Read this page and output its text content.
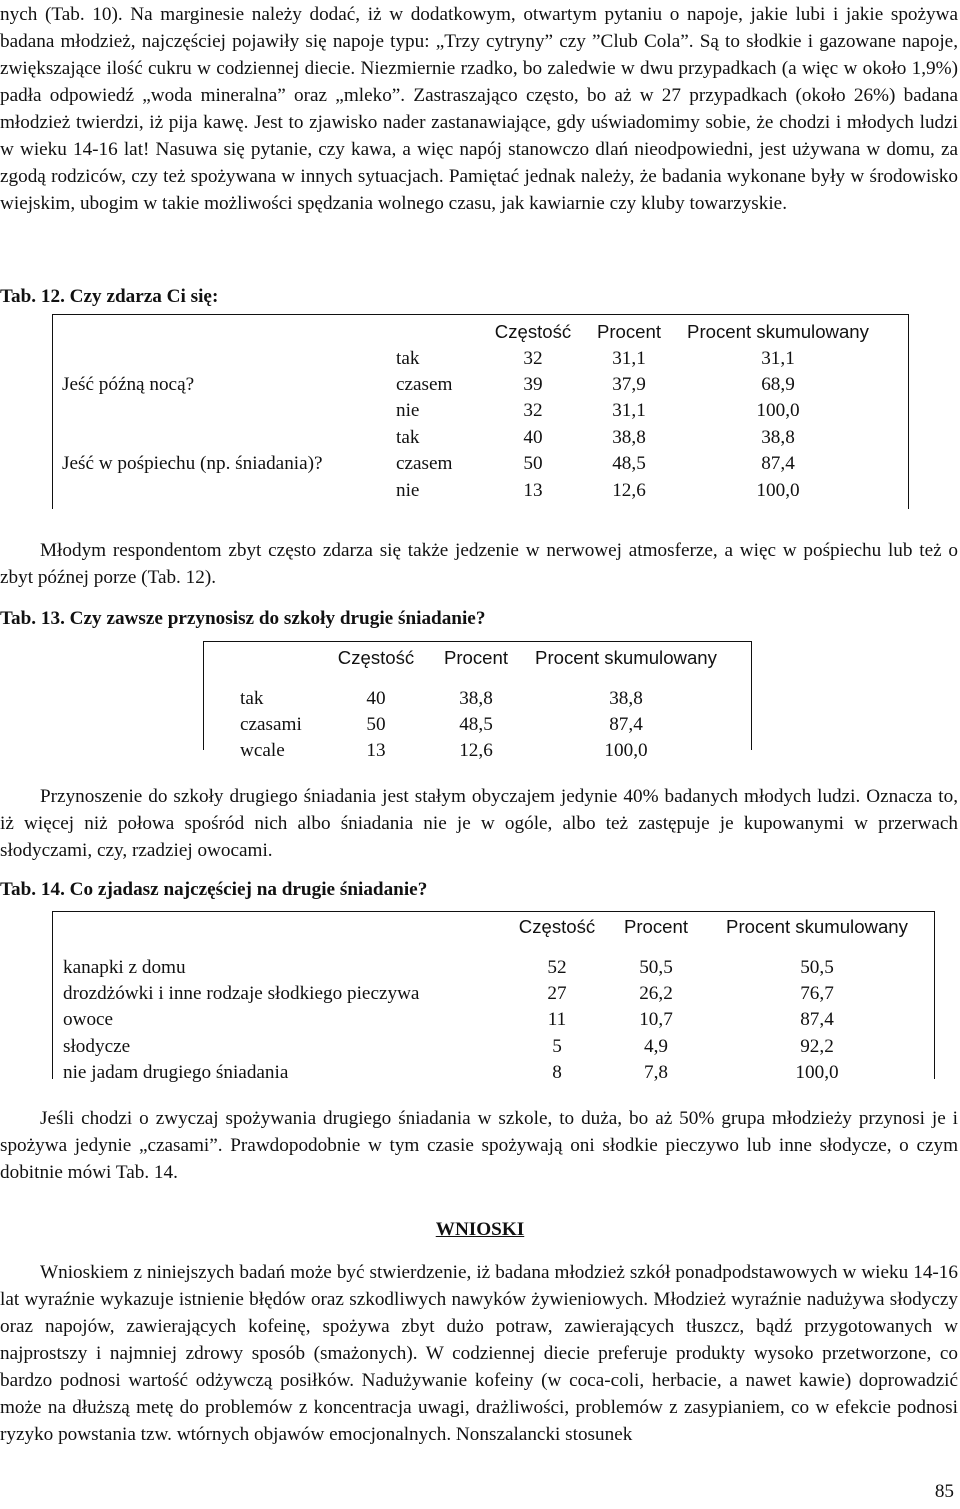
nych (Tab. 10). Na marginesie należy dodać, iż w dodatkowym, otwartym pytaniu o napoje, jakie lubi i jakie spożywa badana młodzież, najczęściej pojawiły się napoje typu: „Trzy cytryny” czy ”Club Cola”. Są to słodkie i gazowane napoje, zwiększające ilość cukru w codziennej diecie. Niezmiernie rzadko, bo zaledwie w dwu przypadkach (a więc w około 1,9%) padła odpowiedź „woda mineralna” oraz „mleko”. Zastraszająco często, bo aż w 27 przypadkach (około 26%) badana młodzież twierdzi, iż pija kawę. Jest to zjawisko nader zastanawiające, gdy uświadomimy sobie, że chodzi i młodych ludzi w wieku 14-16 lat! Nasuwa się pytanie, czy kawa, a więc napój stanowczo dlań nieodpowiedni, jest używana w domu, za zgodą rodziców, czy też spożywana w innych sytuacjach. Pamiętać jednak należy, że badania wykonane były w środowisko wiejskim, ubogim w takie możliwości spędzania wolnego czasu, jak kawiarnie czy kluby towarzyskie.

Tab. 12. Czy zdarza Ci się:

		Częstość	Procent	Procent skumulowany
	tak	32	31,1	31,1
Jeść późną nocą?	czasem	39	37,9	68,9
	nie	32	31,1	100,0
	tak	40	38,8	38,8
Jeść w pośpiechu (np. śniadania)?	czasem	50	48,5	87,4
	nie	13	12,6	100,0

Młodym respondentom zbyt często zdarza się także jedzenie w nerwowej atmosferze, a więc w pośpiechu lub też o zbyt późnej porze (Tab. 12).

Tab. 13. Czy zawsze przynosisz do szkoły drugie śniadanie?

	Częstość	Procent	Procent skumulowany

tak	40	38,8	38,8
czasami	50	48,5	87,4
wcale	13	12,6	100,0

Przynoszenie do szkoły drugiego śniadania jest stałym obyczajem jedynie 40% badanych młodych ludzi. Oznacza to, iż więcej niż połowa spośród nich albo śniadania nie je w ogóle, albo też zastępuje je kupowanymi w przerwach słodyczami, czy, rzadziej owocami.

Tab. 14. Co zjadasz najczęściej na drugie śniadanie?

	Częstość	Procent	Procent skumulowany

kanapki z domu	52	50,5	50,5
drozdżówki i inne rodzaje słodkiego pieczywa	27	26,2	76,7
owoce	11	10,7	87,4
słodycze	5	4,9	92,2
nie jadam drugiego śniadania	8	7,8	100,0

Jeśli chodzi o zwyczaj spożywania drugiego śniadania w szkole, to duża, bo aż 50% grupa młodzieży przynosi je i spożywa jedynie „czasami”. Prawdopodobnie w tym czasie spożywają oni słodkie pieczywo lub inne słodycze, o czym dobitnie mówi Tab. 14.

WNIOSKI

Wnioskiem z niniejszych badań może być stwierdzenie, iż badana młodzież szkół ponadpodstawowych w wieku 14-16 lat wyraźnie wykazuje istnienie błędów oraz szkodliwych nawyków żywieniowych. Młodzież wyraźnie nadużywa słodyczy oraz napojów, zawierających kofeinę, spożywa zbyt dużo potraw, zawierających tłuszcz, bądź przygotowanych w najprostszy i najmniej zdrowy sposób (smażonych). W codziennej diecie preferuje produkty wysoko przetworzone, co bardzo podnosi wartość odżywczą posiłków. Nadużywanie kofeiny (w coca-coli, herbacie, a nawet kawie) doprowadzić może na dłuższą metę do problemów z koncentracja uwagi, drażliwości, problemów z zasypianiem, co w efekcie podnosi ryzyko powstania tzw. wtórnych objawów emocjonalnych. Nonszalancki stosunek

85
